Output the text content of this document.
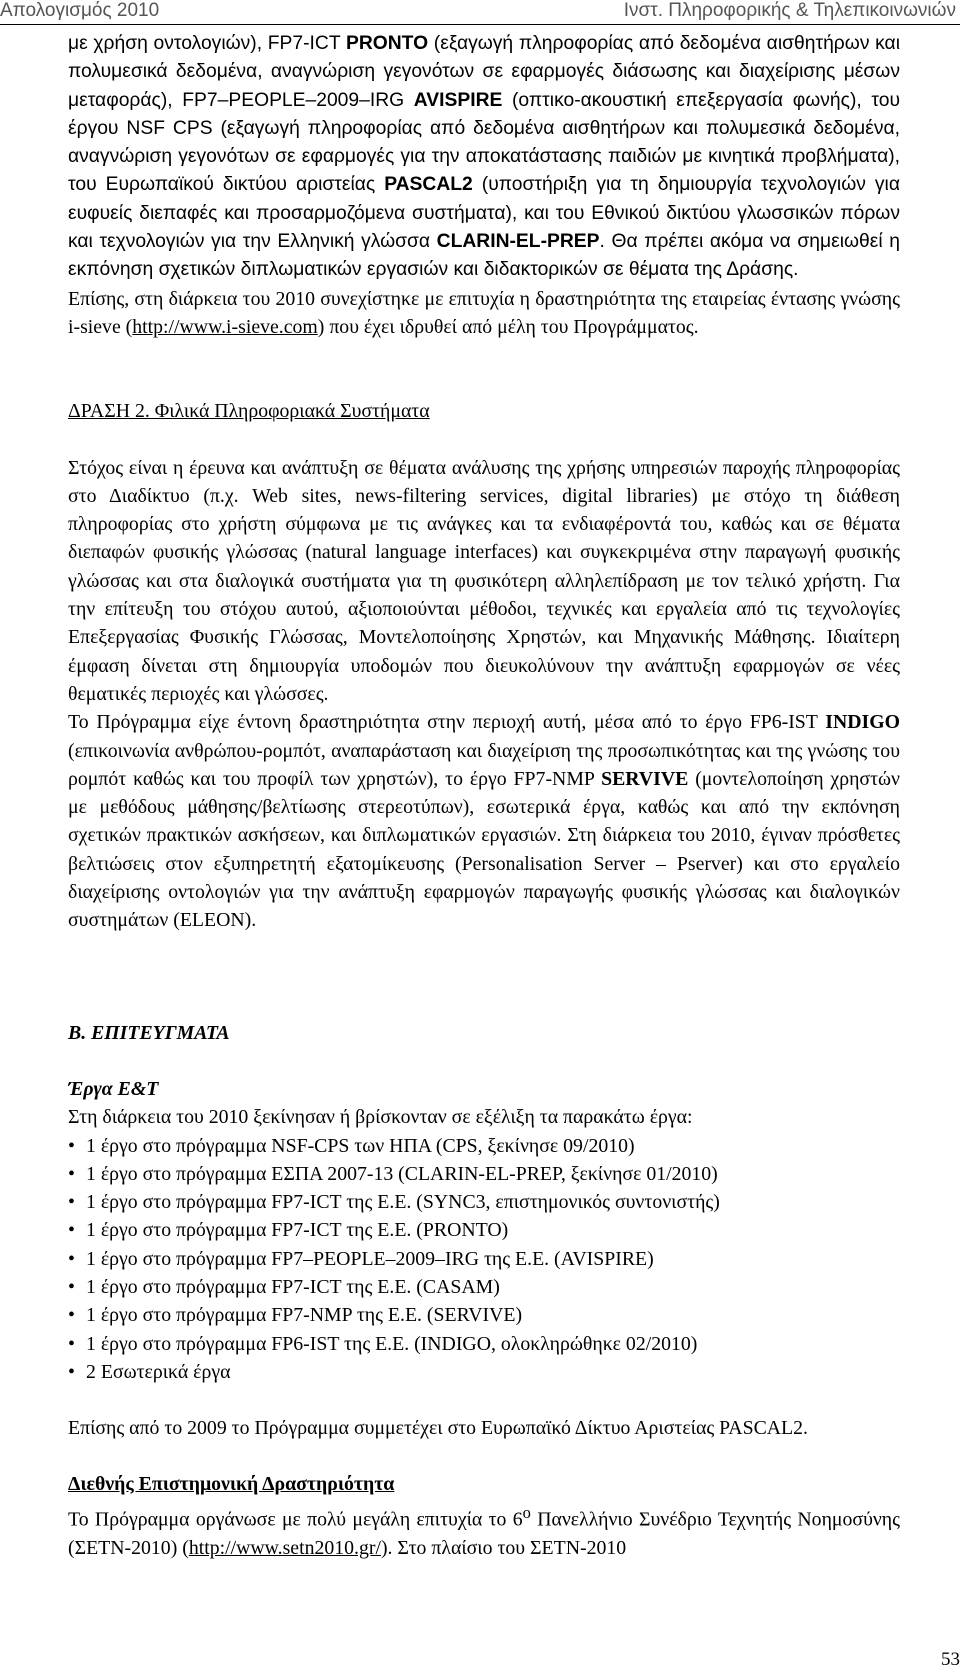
Απολογισμός 2010	Ινστ. Πληροφορικής & Τηλεπικοινωνιών

με χρήση οντολογιών), FP7-ICT PRONTO (εξαγωγή πληροφορίας από δεδομένα αισθητήρων και πολυμεσικά δεδομένα, αναγνώριση γεγονότων σε εφαρμογές διάσωσης και διαχείρισης μέσων μεταφοράς), FP7–PEOPLE–2009–IRG AVISPIRE (οπτικο-ακουστική επεξεργασία φωνής), του έργου NSF CPS (εξαγωγή πληροφορίας από δεδομένα αισθητήρων και πολυμεσικά δεδομένα, αναγνώριση γεγονότων σε εφαρμογές για την αποκατάστασης παιδιών με κινητικά προβλήματα), του Ευρωπαϊκού δικτύου αριστείας PASCAL2 (υποστήριξη για τη δημιουργία τεχνολογιών για ευφυείς διεπαφές και προσαρμοζόμενα συστήματα), και του Εθνικού δικτύου γλωσσικών πόρων και τεχνολογιών για την Ελληνική γλώσσα CLARIN-EL-PREP. Θα πρέπει ακόμα να σημειωθεί η εκπόνηση σχετικών διπλωματικών εργασιών και διδακτορικών σε θέματα της Δράσης.

Επίσης, στη διάρκεια του 2010 συνεχίστηκε με επιτυχία η δραστηριότητα της εταιρείας έντασης γνώσης i-sieve (http://www.i-sieve.com) που έχει ιδρυθεί από μέλη του Προγράμματος.

ΔΡΑΣΗ 2. Φιλικά Πληροφοριακά Συστήματα

Στόχος είναι η έρευνα και ανάπτυξη σε θέματα ανάλυσης της χρήσης υπηρεσιών παροχής πληροφορίας στο Διαδίκτυο (π.χ. Web sites, news-filtering services, digital libraries) με στόχο τη διάθεση πληροφορίας στο χρήστη σύμφωνα με τις ανάγκες και τα ενδιαφέροντά του, καθώς και σε θέματα διεπαφών φυσικής γλώσσας (natural language interfaces) και συγκεκριμένα στην παραγωγή φυσικής γλώσσας και στα διαλογικά συστήματα για τη φυσικότερη αλληλεπίδραση με τον τελικό χρήστη. Για την επίτευξη του στόχου αυτού, αξιοποιούνται μέθοδοι, τεχνικές και εργαλεία από τις τεχνολογίες Επεξεργασίας Φυσικής Γλώσσας, Μοντελοποίησης Χρηστών, και Μηχανικής Μάθησης. Ιδιαίτερη έμφαση δίνεται στη δημιουργία υποδομών που διευκολύνουν την ανάπτυξη εφαρμογών σε νέες θεματικές περιοχές και γλώσσες.

Το Πρόγραμμα είχε έντονη δραστηριότητα στην περιοχή αυτή, μέσα από το έργο FP6-IST INDIGO (επικοινωνία ανθρώπου-ρομπότ, αναπαράσταση και διαχείριση της προσωπικότητας και της γνώσης του ρομπότ καθώς και του προφίλ των χρηστών), το έργο FP7-NMP SERVIVE (μοντελοποίηση χρηστών με μεθόδους μάθησης/βελτίωσης στερεοτύπων), εσωτερικά έργα, καθώς και από την εκπόνηση σχετικών πρακτικών ασκήσεων, και διπλωματικών εργασιών. Στη διάρκεια του 2010, έγιναν πρόσθετες βελτιώσεις στον εξυπηρετητή εξατομίκευσης (Personalisation Server – Pserver) και στο εργαλείο διαχείρισης οντολογιών για την ανάπτυξη εφαρμογών παραγωγής φυσικής γλώσσας και διαλογικών συστημάτων (ELEON).

Β. ΕΠΙΤΕΥΓΜΑΤΑ

Έργα Ε&Τ

Στη διάρκεια του 2010 ξεκίνησαν ή βρίσκονταν σε εξέλιξη τα παρακάτω έργα:

• 1 έργο στο πρόγραμμα NSF-CPS των ΗΠΑ (CPS, ξεκίνησε 09/2010)
• 1 έργο στο πρόγραμμα ΕΣΠΑ 2007-13 (CLARIN-EL-PREP, ξεκίνησε 01/2010)
• 1 έργο στο πρόγραμμα FP7-ICT της Ε.Ε. (SYNC3, επιστημονικός συντονιστής)
• 1 έργο στο πρόγραμμα FP7-ICT της Ε.Ε. (PRONTO)
• 1 έργο στο πρόγραμμα FP7–PEOPLE–2009–IRG της Ε.Ε. (AVISPIRE)
• 1 έργο στο πρόγραμμα FP7-ICT της Ε.Ε. (CASAM)
• 1 έργο στο πρόγραμμα FP7-NMP της Ε.Ε. (SERVIVE)
• 1 έργο στο πρόγραμμα FP6-IST της Ε.Ε. (INDIGO, ολοκληρώθηκε 02/2010)
• 2 Εσωτερικά έργα

Επίσης από το 2009 το Πρόγραμμα συμμετέχει στο Ευρωπαϊκό Δίκτυο Αριστείας PASCAL2.

Διεθνής Επιστημονική Δραστηριότητα

Το Πρόγραμμα οργάνωσε με πολύ μεγάλη επιτυχία το $6^o$ Πανελλήνιο Συνέδριο Τεχνητής Νοημοσύνης (ΣΕΤΝ-2010) (http://www.setn2010.gr/). Στο πλαίσιο του ΣΕΤΝ-2010

53
